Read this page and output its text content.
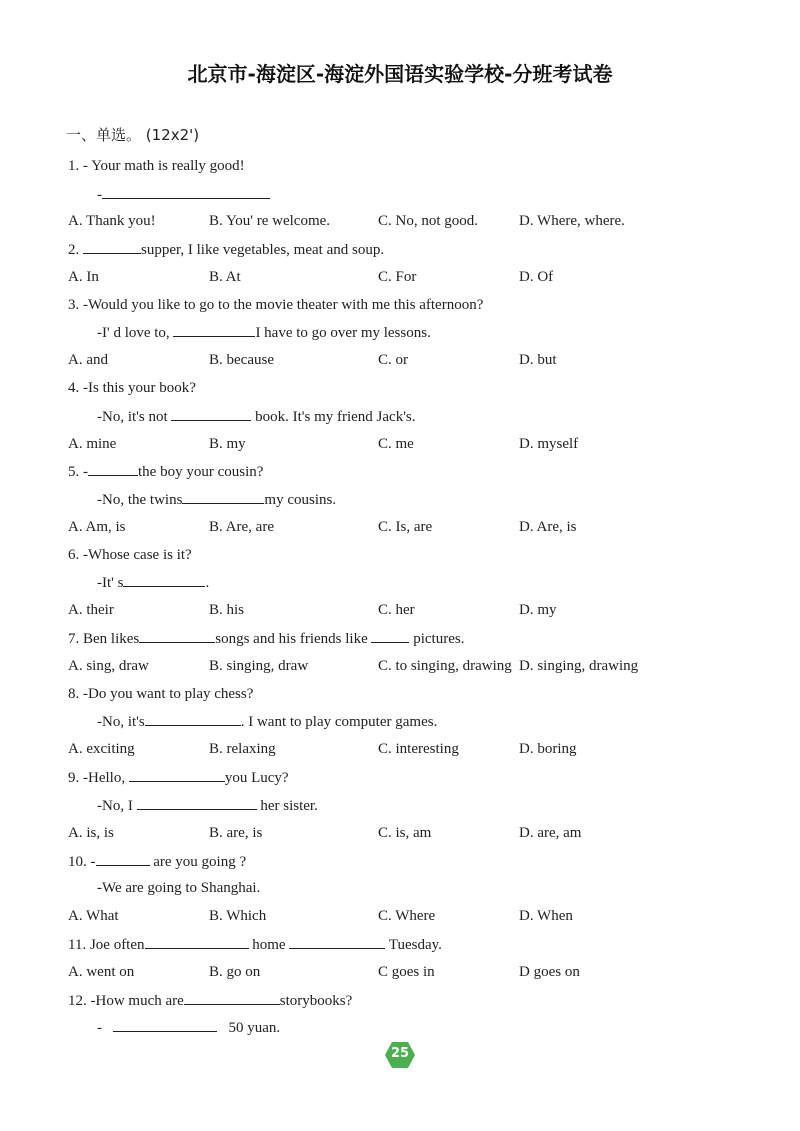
北京市-海淀区-海淀外国语实验学校-分班考试卷
一、单选。 (12x2')
1. - Your math is really good!
-
A. Thank you!	B. You' re welcome.	C. No, not good.	D. Where, where.
2.	supper, I like vegetables, meat and soup.
A. In	B. At	C. For	D. Of
3. -Would you like to go to the movie theater with me this afternoon?
-I' d love to,	I have to go over my lessons.
A. and	B. because	C. or	D. but
4. -Is this your book?
-No, it's not	book. It's my friend Jack's.
A. mine	B. my	C. me	D. myself
5. -	the boy your cousin?
-No, the twins	my cousins.
A. Am, is	B. Are, are	C. Is, are	D. Are, is
6. -Whose case is it?
-It' s	.
A. their	B. his	C. her	D. my
7. Ben likes	songs and his friends like	pictures.
A. sing, draw	B. singing, draw	C. to singing, drawing D. singing, drawing
8. -Do you want to play chess?
-No, it's	. I want to play computer games.
A. exciting	B. relaxing	C. interesting	D. boring
9. -Hello,	you Lucy?
-No, I	her sister.
A. is, is	B. are, is	C. is, am	D. are, am
10. -	are you going ?
-We are going to Shanghai.
A. What	B. Which	C. Where	D. When
11. Joe often	home	Tuesday.
A. went on	B. go on	C goes in	D goes on
12. -How much are	storybooks?
-	50 yuan.
25
